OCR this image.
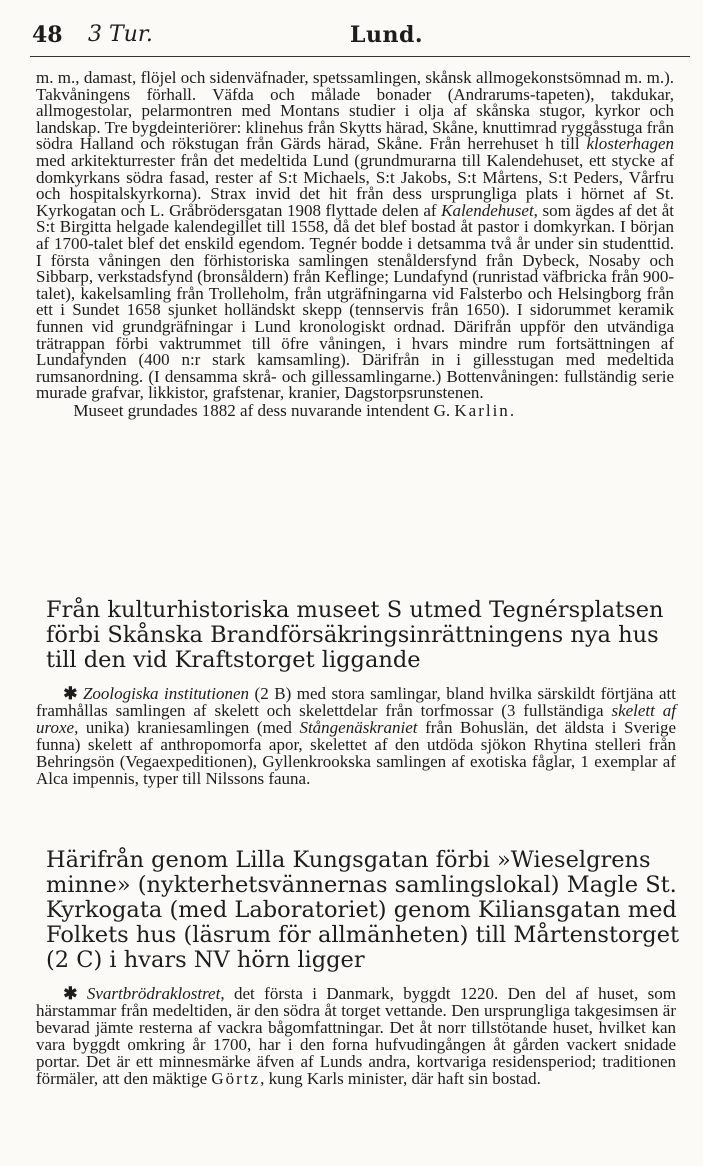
48 3 Tur.	Lund.

m. m., damast, flöjel och sidenväfnader, spetssamlingen, skånsk allmogekonstsömnad m. m.). Takvåningens förhall. Väfda och målade bonader (Andrarums-tapeten), takdukar, allmogestolar, pelarmontren med Montans studier i olja af skånska stugor, kyrkor och landskap. Tre bygdeinteriörer: klinehus från Skytts härad, Skåne, knuttimrad ryggåsstuga från södra Halland och rökstugan från Gärds härad, Skåne. Från herrehuset h till klosterhagen med arkitekturrester från det medeltida Lund (grundmurarna till Kalendehuset, ett stycke af domkyrkans södra fasad, rester af S:t Michaels, S:t Jakobs, S:t Mårtens, S:t Peders, Vårfru och hospitalskyrkorna). Strax invid det hit från dess ursprungliga plats i hörnet af St. Kyrkogatan och L. Gråbrödersgatan 1908 flyttade delen af Kalendehuset, som ägdes af det åt S:t Birgitta helgade kalendegillet till 1558, då det blef bostad åt pastor i domkyrkan. I början af 1700-talet blef det enskild egendom. Tegnér bodde i detsamma två år under sin studenttid. I första våningen den förhistoriska samlingen stenåldersfynd från Dybeck, Nosaby och Sibbarp, verkstadsfynd (bronsåldern) från Keflinge; Lundafynd (runristad väfbricka från 900-talet), kakelsamling från Trolleholm, från utgräfningarna vid Falsterbo och Helsingborg från ett i Sundet 1658 sjunket holländskt skepp (tennservis från 1650). I sidorummet keramik funnen vid grundgräfningar i Lund kronologiskt ordnad. Därifrån uppför den utvändiga trätrappan förbi vaktrummet till öfre våningen, i hvars mindre rum fortsättningen af Lundafynden (400 n:r stark kamsamling). Därifrån in i gillesstugan med medeltida rumsanordning. (I densamma skrå- och gillessamlingarne.) Bottenvåningen: fullständig serie murade grafvar, likkistor, grafstenar, kranier, Dagstorpsrunstenen.

Museet grundades 1882 af dess nuvarande intendent G. Karlin.

Från kulturhistoriska museet S utmed Tegnérsplatsen förbi Skånska Brandförsäkringsinrättningens nya hus till den vid Kraftstorget liggande

✱ Zoologiska institutionen (2 B) med stora samlingar, bland hvilka särskildt förtjäna att framhållas samlingen af skelett och skelettdelar från torfmossar (3 fullständiga skelett af uroxe, unika) kraniesamlingen (med Stångenäskraniet från Bohuslän, det äldsta i Sverige funna) skelett af anthropomorfa apor, skelettet af den utdöda sjökon Rhytina stelleri från Behringsön (Vegaexpeditionen), Gyllenkrookska samlingen af exotiska fåglar, 1 exemplar af Alca impennis, typer till Nilssons fauna.

Härifrån genom Lilla Kungsgatan förbi »Wieselgrens minne» (nykterhetsvännernas samlingslokal) Magle St. Kyrkogata (med Laboratoriet) genom Kiliansgatan med Folkets hus (läsrum för allmänheten) till Mårtenstorget (2 C) i hvars NV hörn ligger

✱ Svartbrödraklostret, det första i Danmark, byggdt 1220. Den del af huset, som härstammar från medeltiden, är den södra åt torget vettande. Den ursprungliga takgesimsen är bevarad jämte resterna af vackra bågomfattningar. Det åt norr tillstötande huset, hvilket kan vara byggdt omkring år 1700, har i den forna hufvudingången åt gården vackert snidade portar. Det är ett minnesmärke äfven af Lunds andra, kortvariga residensperiod; traditionen förmäler, att den mäktige Görtz, kung Karls minister, där haft sin bostad.
